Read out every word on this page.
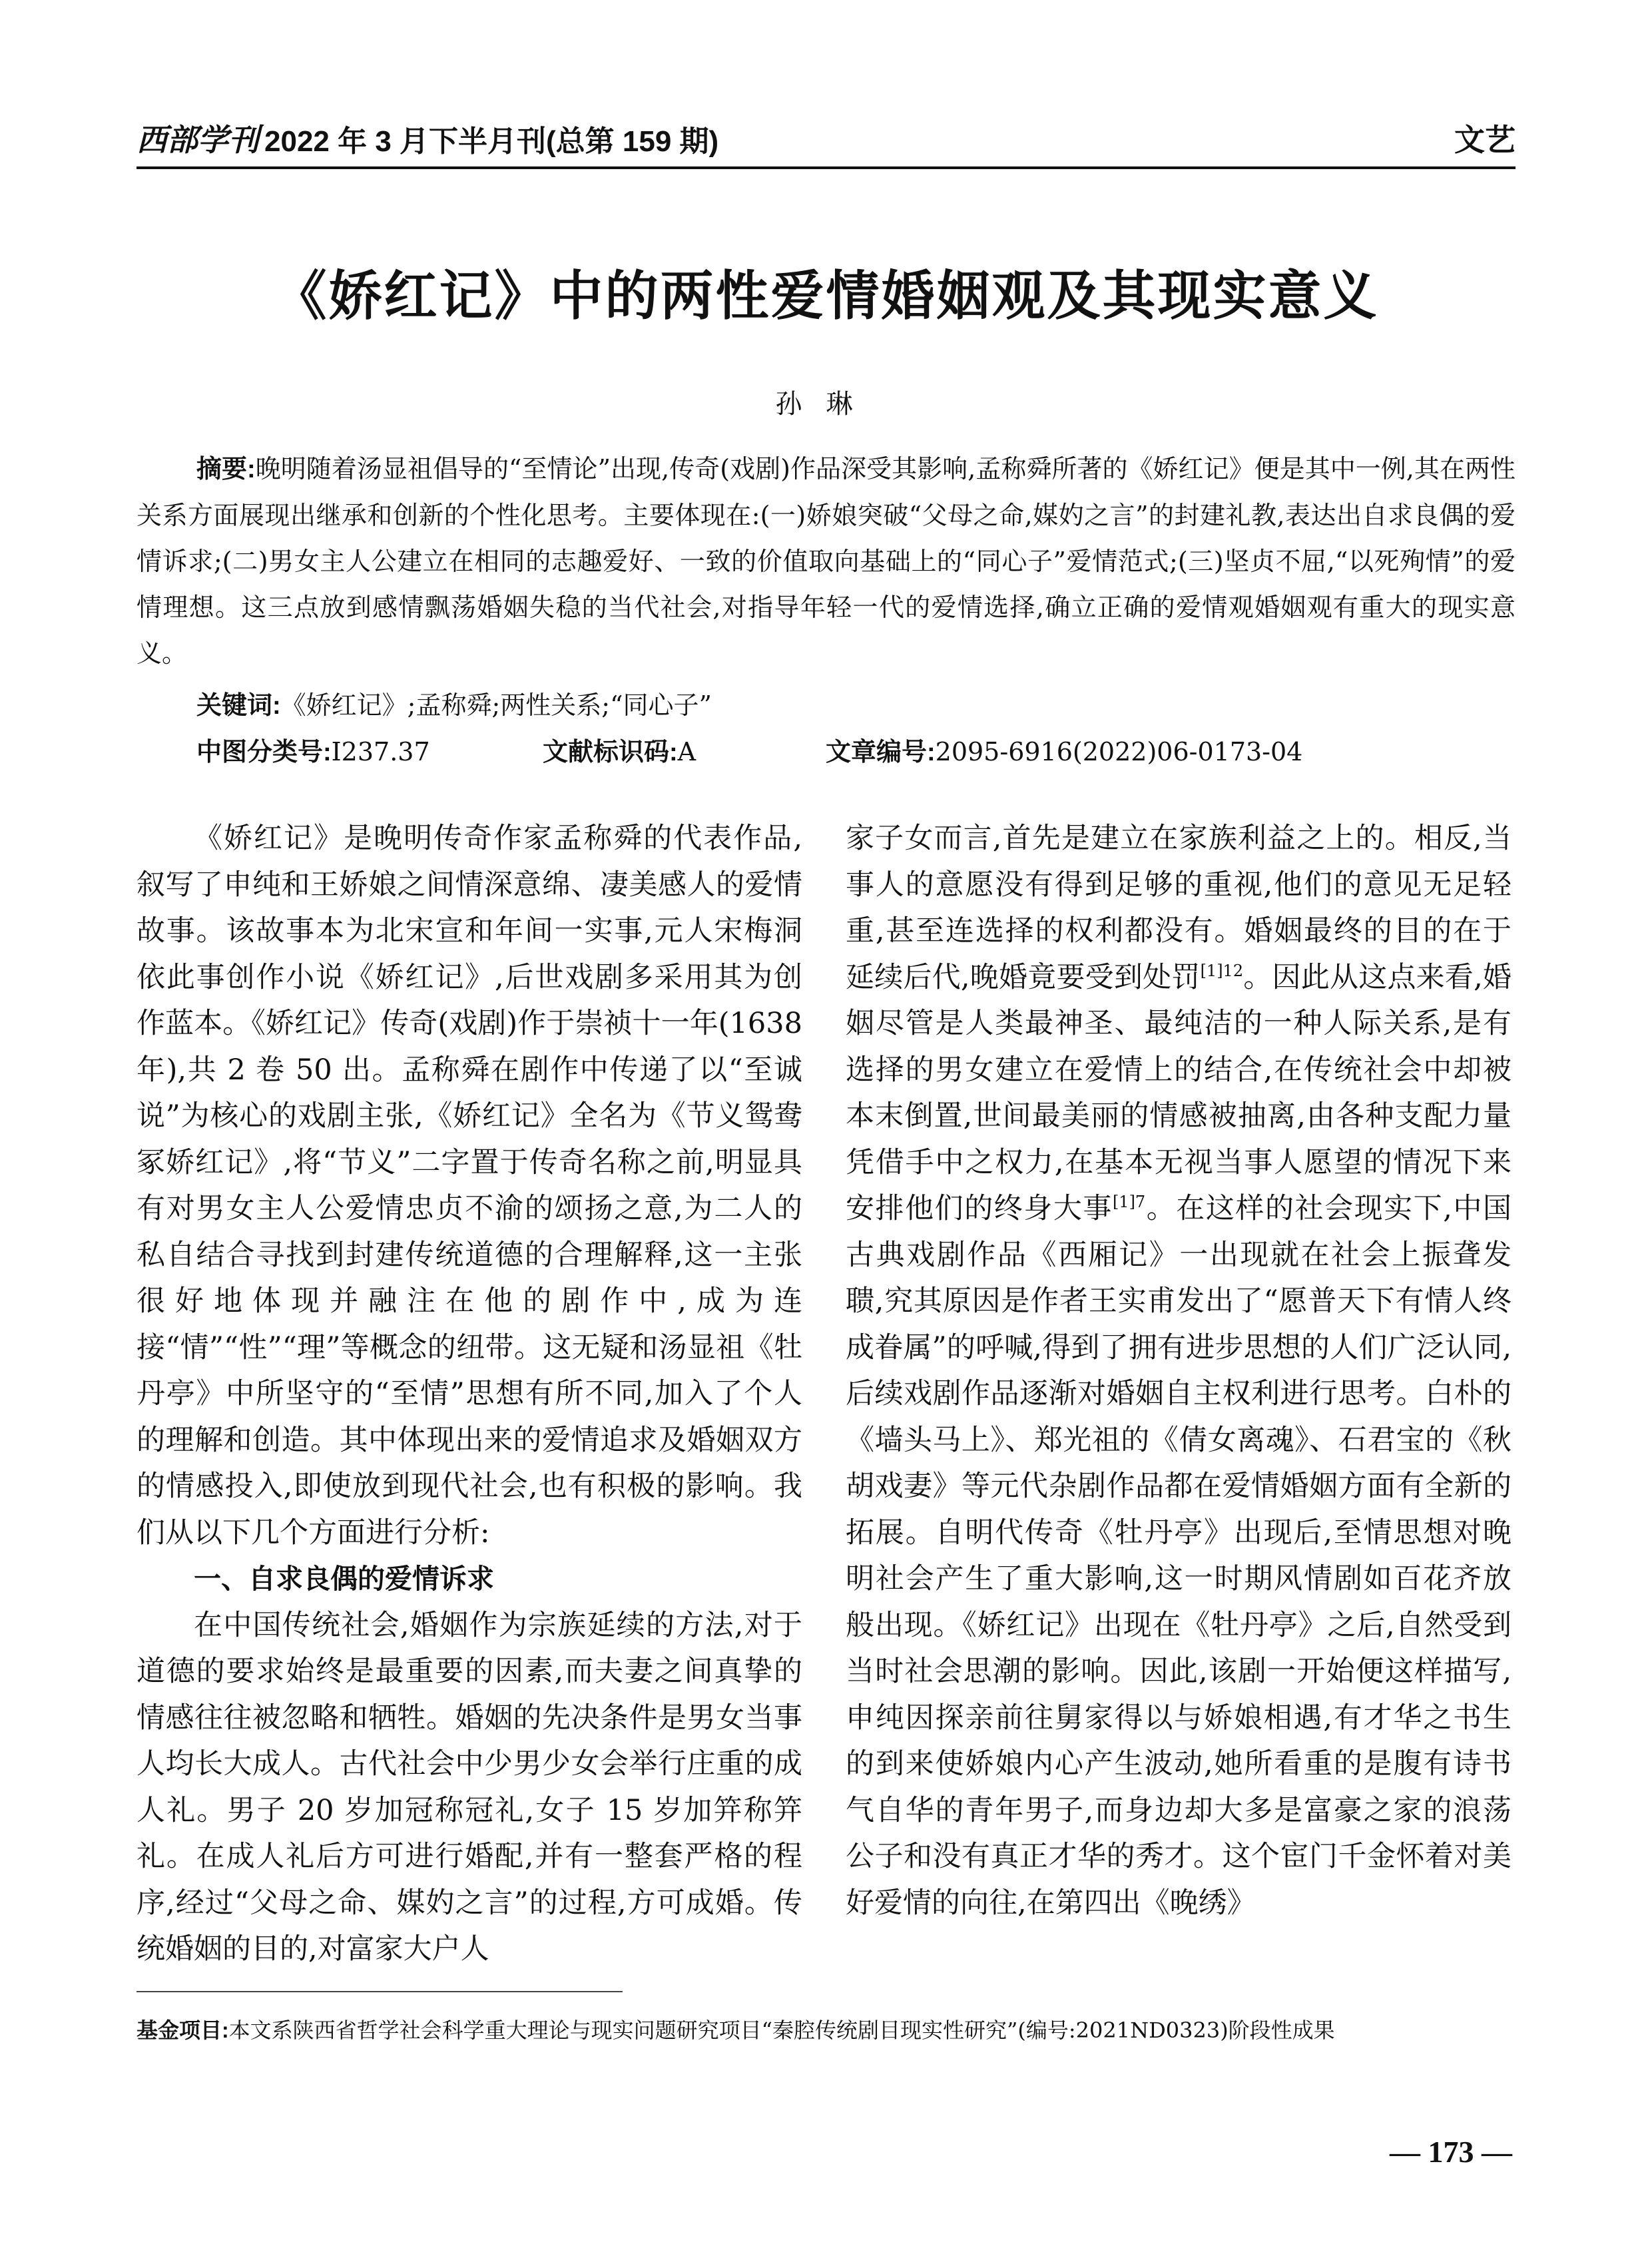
西部学刊 2022 年 3 月下半月刊(总第 159 期)	文艺
《娇红记》中的两性爱情婚姻观及其现实意义
孙琳

摘要:晚明随着汤显祖倡导的“至情论”出现,传奇(戏剧)作品深受其影响,孟称舜所著的《娇红记》便是其中一例,其在两性关系方面展现出继承和创新的个性化思考。主要体现在:(一)娇娘突破“父母之命,媒妁之言”的封建礼教,表达出自求良偶的爱情诉求;(二)男女主人公建立在相同的志趣爱好、一致的价值取向基础上的“同心子”爱情范式;(三)坚贞不屈,“以死殉情”的爱情理想。这三点放到感情飘荡婚姻失稳的当代社会,对指导年轻一代的爱情选择,确立正确的爱情观婚姻观有重大的现实意义。

关键词:《娇红记》;孟称舜;两性关系;“同心子”
中图分类号:I237.37	文献标识码:A	文章编号:2095-6916(2022)06-0173-04

《娇红记》是晚明传奇作家孟称舜的代表作品,叙写了申纯和王娇娘之间情深意绵、凄美感人的爱情故事。该故事本为北宋宣和年间一实事,元人宋梅洞依此事创作小说《娇红记》,后世戏剧多采用其为创作蓝本。《娇红记》传奇(戏剧)作于崇祯十一年(1638 年),共 2 卷 50 出。孟称舜在剧作中传递了以“至诚说”为核心的戏剧主张,《娇红记》全名为《节义鸳鸯冢娇红记》,将“节义”二字置于传奇名称之前,明显具有对男女主人公爱情忠贞不渝的颂扬之意,为二人的私自结合寻找到封建传统道德的合理解释,这一主张很好地体现并融注在他的剧作中,成为连接“情”“性”“理”等概念的纽带。这无疑和汤显祖《牡丹亭》中所坚守的“至情”思想有所不同,加入了个人的理解和创造。其中体现出来的爱情追求及婚姻双方的情感投入,即使放到现代社会,也有积极的影响。我们从以下几个方面进行分析:

一、自求良偶的爱情诉求

在中国传统社会,婚姻作为宗族延续的方法,对于道德的要求始终是最重要的因素,而夫妻之间真挚的情感往往被忽略和牺牲。婚姻的先决条件是男女当事人均长大成人。古代社会中少男少女会举行庄重的成人礼。男子 20 岁加冠称冠礼,女子 15 岁加笄称笄礼。在成人礼后方可进行婚配,并有一整套严格的程序,经过“父母之命、媒妁之言”的过程,方可成婚。传统婚姻的目的,对富家大户人

家子女而言,首先是建立在家族利益之上的。相反,当事人的意愿没有得到足够的重视,他们的意见无足轻重,甚至连选择的权利都没有。婚姻最终的目的在于延续后代,晚婚竟要受到处罚$^{[1]12}$。因此从这点来看,婚姻尽管是人类最神圣、最纯洁的一种人际关系,是有选择的男女建立在爱情上的结合,在传统社会中却被本末倒置,世间最美丽的情感被抽离,由各种支配力量凭借手中之权力,在基本无视当事人愿望的情况下来安排他们的终身大事$^{[1]7}$。在这样的社会现实下,中国古典戏剧作品《西厢记》一出现就在社会上振聋发聩,究其原因是作者王实甫发出了“愿普天下有情人终成眷属”的呼喊,得到了拥有进步思想的人们广泛认同,后续戏剧作品逐渐对婚姻自主权利进行思考。白朴的《墙头马上》、郑光祖的《倩女离魂》、石君宝的《秋胡戏妻》等元代杂剧作品都在爱情婚姻方面有全新的拓展。自明代传奇《牡丹亭》出现后,至情思想对晚明社会产生了重大影响,这一时期风情剧如百花齐放般出现。《娇红记》出现在《牡丹亭》之后,自然受到当时社会思潮的影响。因此,该剧一开始便这样描写,申纯因探亲前往舅家得以与娇娘相遇,有才华之书生的到来使娇娘内心产生波动,她所看重的是腹有诗书气自华的青年男子,而身边却大多是富豪之家的浪荡公子和没有真正才华的秀才。这个宦门千金怀着对美好爱情的向往,在第四出《晚绣》

基金项目:本文系陕西省哲学社会科学重大理论与现实问题研究项目“秦腔传统剧目现实性研究”(编号:2021ND0323)阶段性成果
— 173 —
